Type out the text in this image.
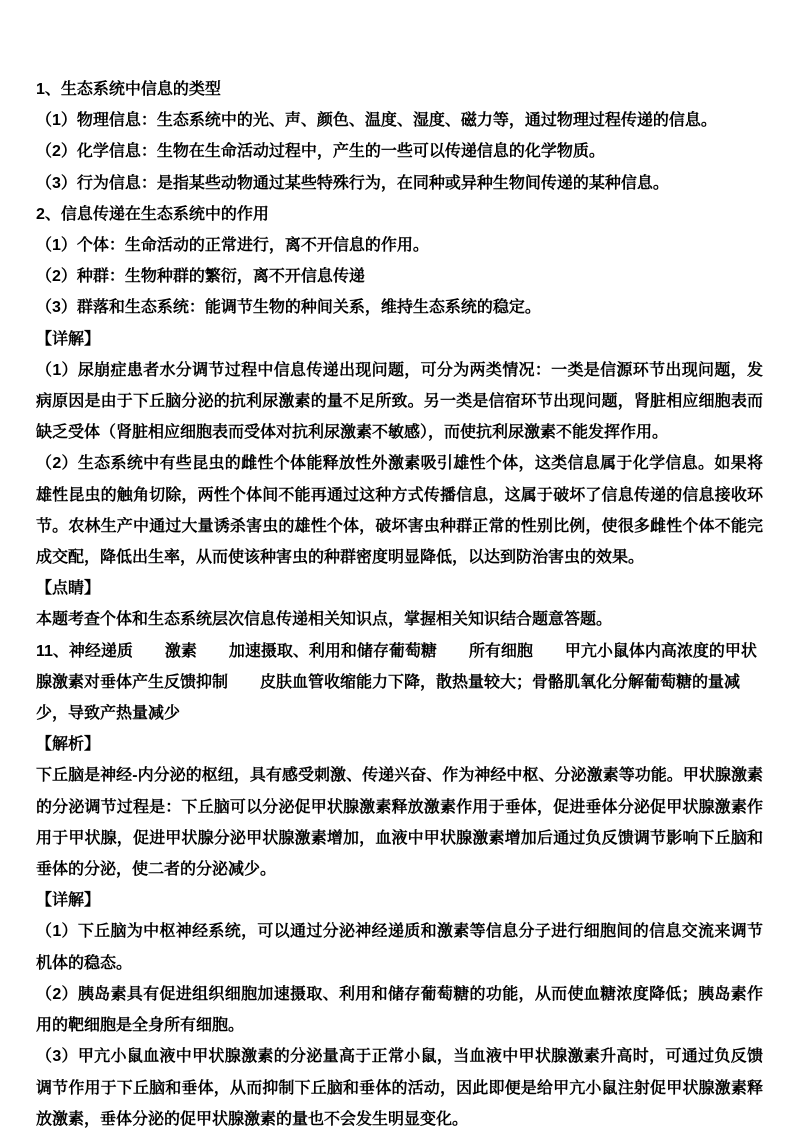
1、生态系统中信息的类型

（1）物理信息：生态系统中的光、声、颜色、温度、湿度、磁力等，通过物理过程传递的信息。

（2）化学信息：生物在生命活动过程中，产生的一些可以传递信息的化学物质。

（3）行为信息：是指某些动物通过某些特殊行为，在同种或异种生物间传递的某种信息。

2、信息传递在生态系统中的作用

（1）个体：生命活动的正常进行，离不开信息的作用。

（2）种群：生物种群的繁衍，离不开信息传递

（3）群落和生态系统：能调节生物的种间关系，维持生态系统的稳定。

【详解】

（1）尿崩症患者水分调节过程中信息传递出现问题，可分为两类情况：一类是信源环节出现问题，发病原因是由于下丘脑分泌的抗利尿激素的量不足所致。另一类是信宿环节出现问题，肾脏相应细胞表而缺乏受体（肾脏相应细胞表而受体对抗利尿激素不敏感），而使抗利尿激素不能发挥作用。

（2）生态系统中有些昆虫的雌性个体能释放性外激素吸引雄性个体，这类信息属于化学信息。如果将雄性昆虫的触角切除，两性个体间不能再通过这种方式传播信息，这属于破坏了信息传递的信息接收环节。农林生产中通过大量诱杀害虫的雄性个体，破坏害虫种群正常的性别比例，使很多雌性个体不能完成交配，降低出生率，从而使该种害虫的种群密度明显降低，以达到防治害虫的效果。

【点睛】

本题考查个体和生态系统层次信息传递相关知识点，掌握相关知识结合题意答题。

11、神经递质　　激素　　加速摄取、利用和储存葡萄糖　　所有细胞　　甲亢小鼠体内高浓度的甲状腺激素对垂体产生反馈抑制　　皮肤血管收缩能力下降，散热量较大；骨骼肌氧化分解葡萄糖的量减少，导致产热量减少

【解析】

下丘脑是神经-内分泌的枢纽，具有感受刺激、传递兴奋、作为神经中枢、分泌激素等功能。甲状腺激素的分泌调节过程是：下丘脑可以分泌促甲状腺激素释放激素作用于垂体，促进垂体分泌促甲状腺激素作用于甲状腺，促进甲状腺分泌甲状腺激素增加，血液中甲状腺激素增加后通过负反馈调节影响下丘脑和垂体的分泌，使二者的分泌减少。

【详解】

（1）下丘脑为中枢神经系统，可以通过分泌神经递质和激素等信息分子进行细胞间的信息交流来调节机体的稳态。

（2）胰岛素具有促进组织细胞加速摄取、利用和储存葡萄糖的功能，从而使血糖浓度降低；胰岛素作用的靶细胞是全身所有细胞。

（3）甲亢小鼠血液中甲状腺激素的分泌量高于正常小鼠，当血液中甲状腺激素升高时，可通过负反馈调节作用于下丘脑和垂体，从而抑制下丘脑和垂体的活动，因此即便是给甲亢小鼠注射促甲状腺激素释放激素，垂体分泌的促甲状腺激素的量也不会发生明显变化。
